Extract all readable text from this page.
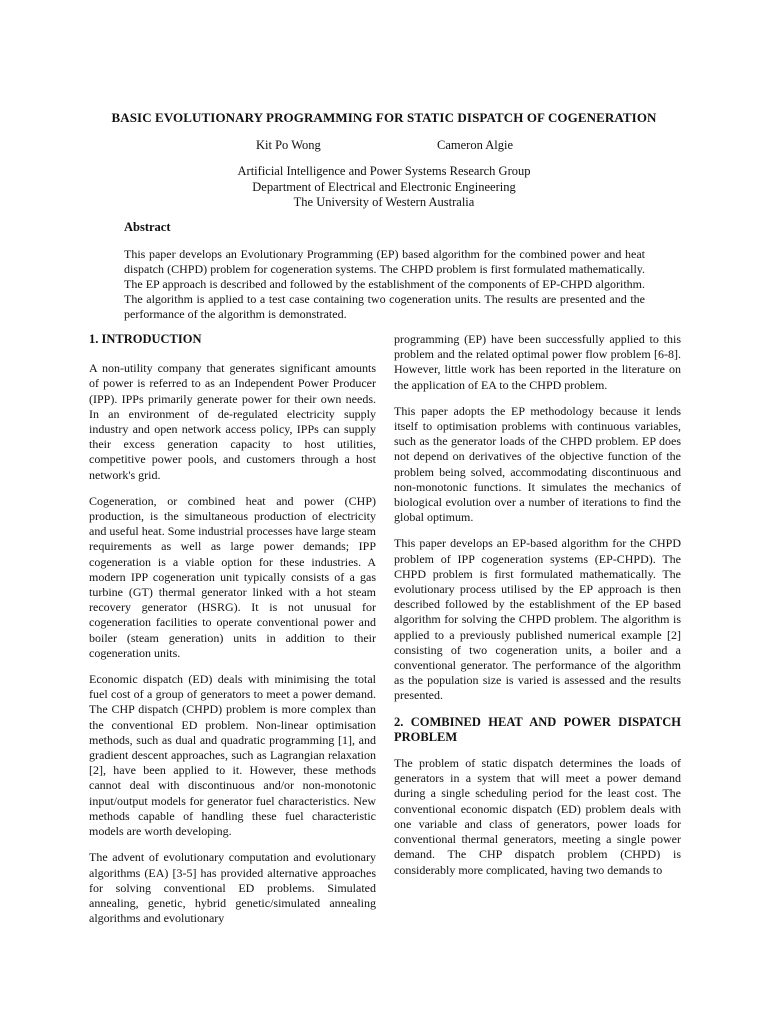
BASIC EVOLUTIONARY PROGRAMMING FOR STATIC DISPATCH OF COGENERATION
Kit Po Wong	Cameron Algie
Artificial Intelligence and Power Systems Research Group
Department of Electrical and Electronic Engineering
The University of Western Australia
Abstract
This paper develops an Evolutionary Programming (EP) based algorithm for the combined power and heat dispatch (CHPD) problem for cogeneration systems. The CHPD problem is first formulated mathematically. The EP approach is described and followed by the establishment of the components of EP-CHPD algorithm. The algorithm is applied to a test case containing two cogeneration units. The results are presented and the performance of the algorithm is demonstrated.
1. INTRODUCTION

A non-utility company that generates significant amounts of power is referred to as an Independent Power Producer (IPP). IPPs primarily generate power for their own needs. In an environment of de-regulated electricity supply industry and open network access policy, IPPs can supply their excess generation capacity to host utilities, competitive power pools, and customers through a host network's grid.

Cogeneration, or combined heat and power (CHP) production, is the simultaneous production of electricity and useful heat. Some industrial processes have large steam requirements as well as large power demands; IPP cogeneration is a viable option for these industries. A modern IPP cogeneration unit typically consists of a gas turbine (GT) thermal generator linked with a hot steam recovery generator (HSRG). It is not unusual for cogeneration facilities to operate conventional power and boiler (steam generation) units in addition to their cogeneration units.

Economic dispatch (ED) deals with minimising the total fuel cost of a group of generators to meet a power demand. The CHP dispatch (CHPD) problem is more complex than the conventional ED problem. Non-linear optimisation methods, such as dual and quadratic programming [1], and gradient descent approaches, such as Lagrangian relaxation [2], have been applied to it. However, these methods cannot deal with discontinuous and/or non-monotonic input/output models for generator fuel characteristics. New methods capable of handling these fuel characteristic models are worth developing.

The advent of evolutionary computation and evolutionary algorithms (EA) [3-5] has provided alternative approaches for solving conventional ED problems. Simulated annealing, genetic, hybrid genetic/simulated annealing algorithms and evolutionary

programming (EP) have been successfully applied to this problem and the related optimal power flow problem [6-8]. However, little work has been reported in the literature on the application of EA to the CHPD problem.

This paper adopts the EP methodology because it lends itself to optimisation problems with continuous variables, such as the generator loads of the CHPD problem. EP does not depend on derivatives of the objective function of the problem being solved, accommodating discontinuous and non-monotonic functions. It simulates the mechanics of biological evolution over a number of iterations to find the global optimum.

This paper develops an EP-based algorithm for the CHPD problem of IPP cogeneration systems (EP-CHPD). The CHPD problem is first formulated mathematically. The evolutionary process utilised by the EP approach is then described followed by the establishment of the EP based algorithm for solving the CHPD problem. The algorithm is applied to a previously published numerical example [2] consisting of two cogeneration units, a boiler and a conventional generator. The performance of the algorithm as the population size is varied is assessed and the results presented.

2. COMBINED HEAT AND POWER DISPATCH PROBLEM

The problem of static dispatch determines the loads of generators in a system that will meet a power demand during a single scheduling period for the least cost. The conventional economic dispatch (ED) problem deals with one variable and class of generators, power loads for conventional thermal generators, meeting a single power demand. The CHP dispatch problem (CHPD) is considerably more complicated, having two demands to
